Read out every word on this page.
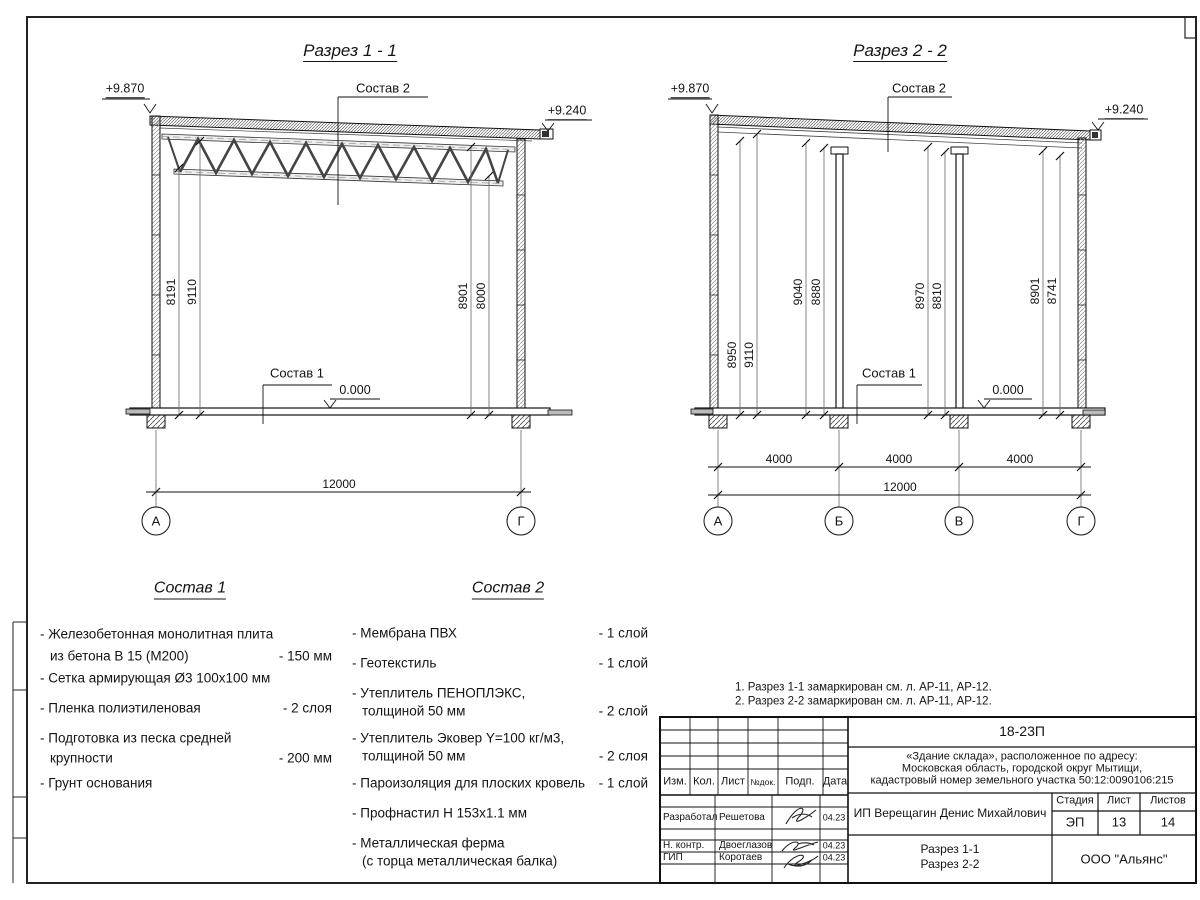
Разрез 1 - 1
+9.870
+9.240
Состав 2
Состав 1
0.000
8191 9110	8901 8000
12000
А	Г
Разрез 2 - 2
+9.870
+9.240
Состав 2
Состав 1
0.000
8950 9110
9040 8880	8970 8810	8901 8741
4000	4000	4000
12000
А	Б	В	Г
Состав 1
- Железобетонная монолитная плита
из бетона В 15 (М200)	- 150 мм
- Сетка армирующая Ø3 100х100 мм
- Пленка полиэтиленовая	- 2 слоя
- Подготовка из песка средней
крупности	- 200 мм
- Грунт основания
Состав 2
- Мембрана ПВХ	- 1 слой
- Геотекстиль	- 1 слой
- Утеплитель ПЕНОПЛЭКС,
толщиной 50 мм	- 2 слой
- Утеплитель Эковер Y=100 кг/м3,
толщиной 50 мм	- 2 слоя
- Пароизоляция для плоских кровель - 1 слой
- Профнастил Н 153х1.1 мм
- Металлическая ферма
(с торца металлическая балка)
1. Разрез 1-1 замаркирован см. л. АР-11, АР-12.
2. Разрез 2-2 замаркирован см. л. АР-11, АР-12.
18-23П
«Здание склада», расположенное по адресу:
Московская область, городской округ Мытищи,
кадастровый номер земельного участка 50:12:0090106:215
ИП Верещагин Денис Михайлович
Стадия Лист Листов
ЭП 13	14
Разрез 1-1
Разрез 2-2	ООО "Альянс"
Изм. Кол. Лист №док. Подп. Дата
Разработал Решетова	04.23
Н. контр. Двоеглазов	04.23
ГИП	Коротаев	04.23
